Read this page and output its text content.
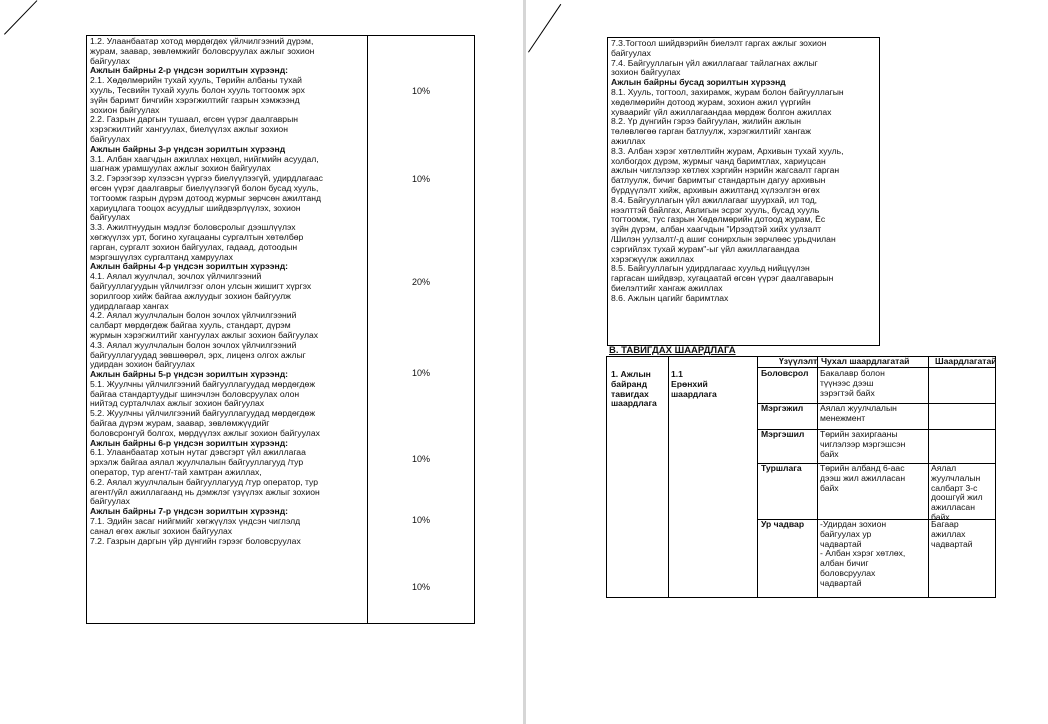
1.2. Улаанбаатар хотод мөрдөгдөх үйлчилгээний дүрэм,
журам, заавар, зөвлөмжийг боловсруулах ажлыг зохион
байгуулах
Ажлын байрны 2-р үндсэн зорилтын хүрээнд:
2.1. Хөдөлмөрийн тухай хууль, Төрийн албаны тухай
хууль, Тесвийн тухай хууль болон хууль тогтоомж эрх
зүйн баримт бичгийн хэрэгжилтийг газрын хэмжээнд
зохион байгуулах
2.2. Газрын даргын тушаал, өгсөн үүрэг даалгаврын
хэрэгжилтийг хангуулах, биелүүлэх ажлыг зохион
байгуулах
Ажлын байрны 3-р үндсэн зорилтын хүрээнд
3.1. Албан хаагчдын ажиллах нөхцөл, нийгмийн асуудал,
шагнаж урамшуулах ажлыг зохион байгуулах
3.2. Гэрээгээр хүлээсэн үүргээ биелүүлээгүй, удирдлагаас
өгсөн үүрэг даалгаврыг биелүүлээгүй болон бусад хууль,
тогтоомж газрын дүрэм дотоод журмыг зөрчсөн ажилтанд
хариуцлага тооцох асуудлыг шийдвэрлүүлэх, зохион
байгуулах
3.3. Ажилтнуудын мэдлэг боловсролыг дээшлүүлэх
хөгжүүлэх урт, богино хугацааны сургалтын хөтөлбөр
гарган, сургалт зохион байгуулах, гадаад, дотоодын
мэргэшүүлэх сургалтанд хамруулах
Ажлын байрны 4-р үндсэн зорилтын хүрээнд:
4.1. Аялал жуулчлал, зочлох үйлчилгээний
байгууллагуудын үйлчилгээг олон улсын жишигт хүргэх
зорилгоор хийж байгаа ажлуудыг зохион байгуулж
удирдлагаар хангах
4.2. Аялал жуулчлалын болон зочлох үйлчилгээний
салбарт мөрдөгдөж байгаа хууль, стандарт, дүрэм
журмын хэрэгжилтийг хангуулах ажлыг зохион байгуулах
4.3. Аялал жуулчлалын болон зочлох үйлчилгээний
байгууллагуудад зөвшөөрөл, эрх, лиценз олгох ажлыг
удирдан зохион байгуулах
Ажлын байрны 5-р үндсэн зорилтын хүрээнд:
5.1. Жуулчны үйлчилгээний байгууллагуудад мөрдөгдөж
байгаа стандартуудыг шинэчлэн боловсруулах олон
нийтэд сурталчлах ажлыг зохион байгуулах
5.2. Жуулчны үйлчилгээний байгууллагуудад мөрдөгдөж
байгаа дүрэм журам, заавар, зөвлөмжүүдийг
боловсронгуй болгох, мөрдүүлэх ажлыг зохион байгуулах
Ажлын байрны 6-р үндсэн зорилтын хүрээнд:
6.1. Улаанбаатар хотын нутаг дэвсгэрт үйл ажиллагаа
эрхэлж байгаа аялал жуулчлалын байгууллагууд /тур
оператор, тур агент/-тай хамтран ажиллах,
6.2. Аялал жуулчлалын байгууллагууд /тур оператор, тур
агент/үйл ажиллагаанд нь дэмжлэг үзүүлэх ажлыг зохион
байгуулах
Ажлын байрны 7-р үндсэн зорилтын хүрээнд:
7.1. Эдийн засаг нийгмийг хөгжүүлэх үндсэн чиглэлд
санал өгөх ажлыг зохион байгуулах
7.2. Газрын даргын үйр дүнгийн гэрээг боловсруулах
10%
10%
20%
10%
10%
10%
10%
7.3.Тогтоол шийдвэрийн биелэлт гаргах ажлыг зохион
байгуулах
7.4. Байгууллагын үйл ажиллагааг тайлагнах ажлыг
зохион байгуулах
Ажлын байрны бусад зорилтын хүрээнд
8.1. Хууль, тогтоол, захирамж, журам болон байгууллагын
хөдөлмөрийн дотоод журам, зохион ажил үүргийн
хуваарийг үйл ажиллагаандаа мөрдөж болгон ажиллах
8.2. Үр дүнгийн гэрээ байгуулан, жилийн ажлын
төлөвлөгөө гарган батлуулж, хэрэгжилтийг хангаж
ажиллах
8.3. Албан хэрэг хөтлөлтийн журам, Архивын тухай хууль,
холбогдох дүрэм, журмыг чанд баримтлах, хариуцсан
ажлын чиглэлээр хөтлөх хэргийн нэрийн жагсаалт гарган
батлуулж, бичиг баримтыг стандартын дагуу архивын
бүрдүүлэлт хийж, архивын ажилтанд хүлээлгэн өгөх
8.4. Байгууллагын үйл ажиллагааг шуурхай, ил тод,
нээлттэй байлгах, Авлигын эсрэг хууль, бусад хууль
тогтоомж, тус газрын Хөдөлмөрийн дотоод журам, Ёс
зүйн дүрэм, албан хаагчдын "Ирээдтэй хийх уулзалт
/Шилэн уулзалт/-д ашиг сонирхлын зөрчлөөс урьдчилан
сэргийлэх тухай журам"-ыг үйл ажиллагаандаа
хэрэгжүүлж ажиллах
8.5. Байгууллагын удирдлагаас хуульд нийцүүлэн
гаргасан шийдвэр, хугацаатай өгсөн үүрэг даалгаварын
биелэлтийг хангаж ажиллах
8.6. Ажлын цагийг баримтлах
В. ТАВИГДАХ ШААРДЛАГА
Үзүүлэлт Чухал шаардлагатай	Шаардлагатай
1. Ажлын
байранд
тавигдах
шаардлага
1.1
Ерөнхий
шаардлага
Боловсрол Бакалавр болон
түүнээс дээш
зэрэгтэй байх
Мэргэжил Аялал жуулчлалын
менежмент
Мэргэшил Төрийн захиргааны
чиглэлээр мэргэшсэн
байх
Туршлага Төрийн албанд 6-аас
дээш жил ажилласан
байх
Аялал
жуулчлалын
салбарт 3-с
доошгүй жил
ажилласан байх
Ур чадвар -Удирдан зохион
байгуулах ур
чадвартай
- Албан хэрэг хөтлөх,
албан бичиг
боловсруулах
чадвартай
Багаар ажиллах
чадвартай
